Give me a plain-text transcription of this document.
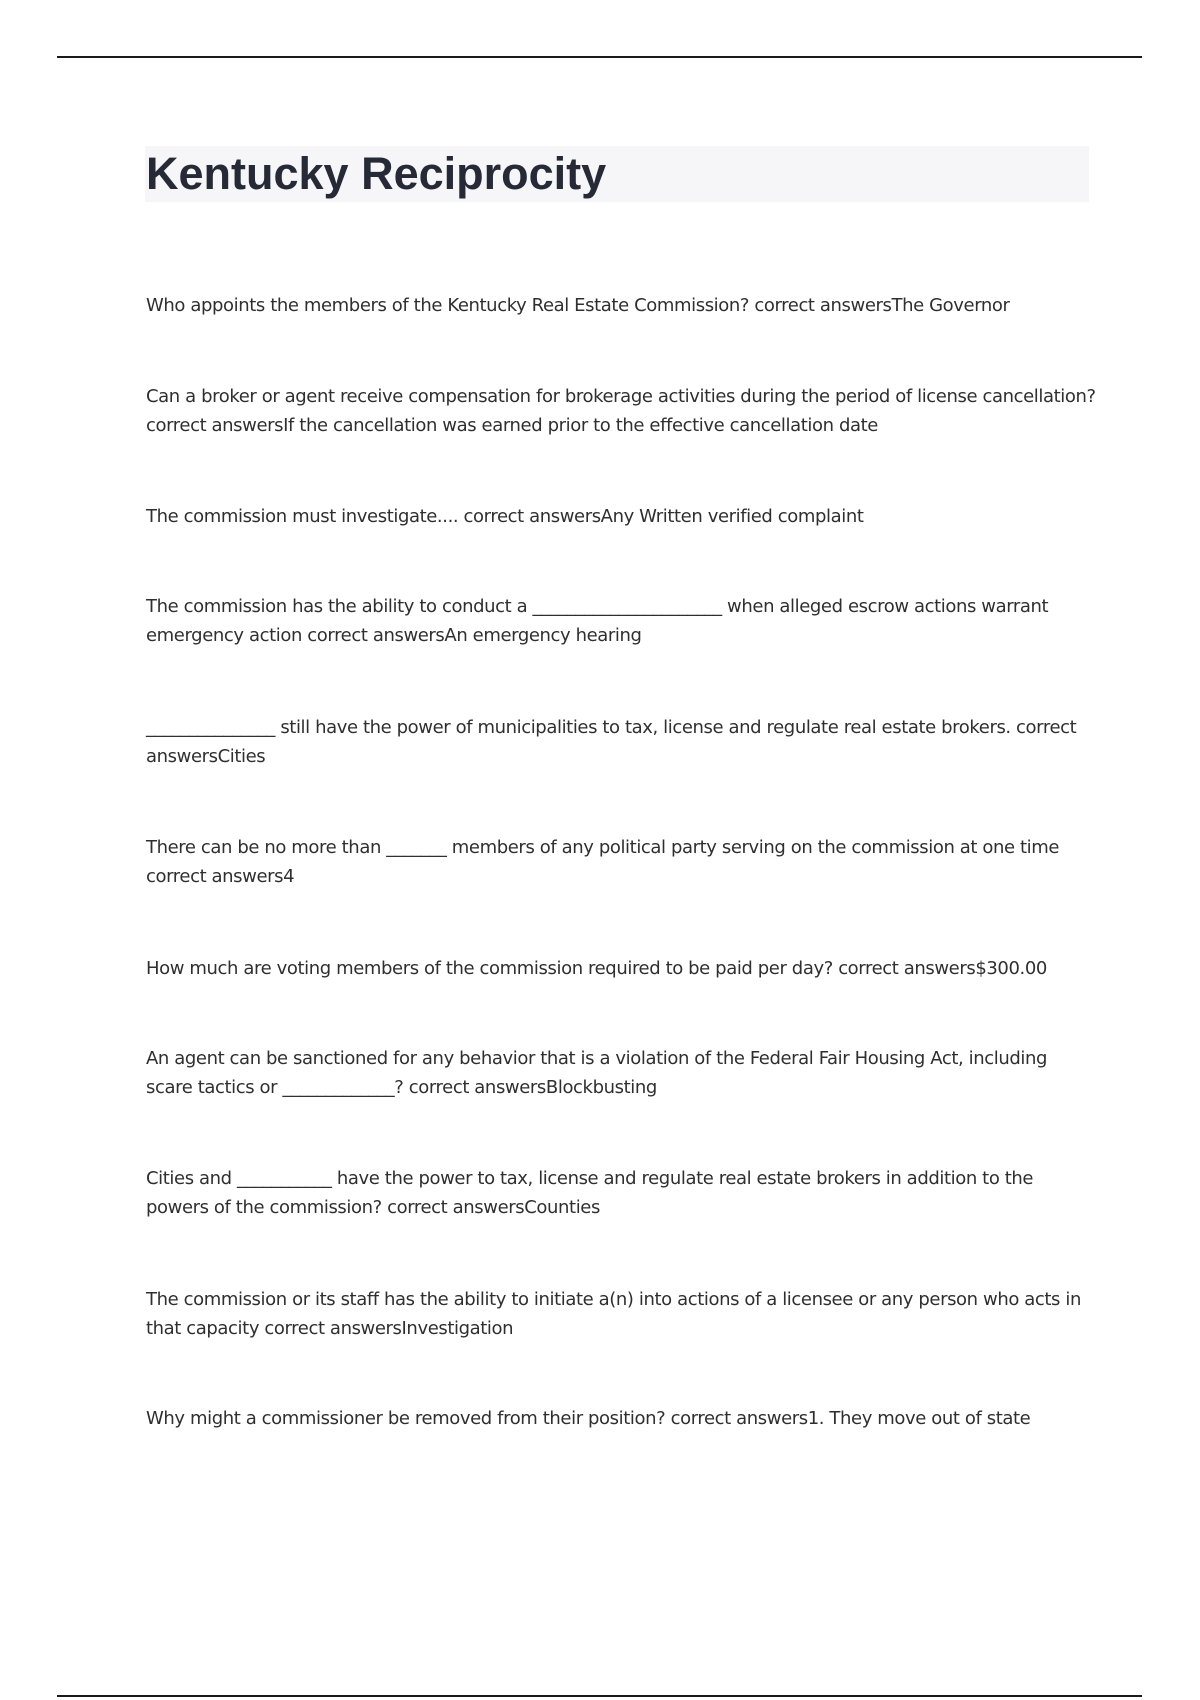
Kentucky Reciprocity

Who appoints the members of the Kentucky Real Estate Commission? correct answersThe Governor

Can a broker or agent receive compensation for brokerage activities during the period of license cancellation? correct answersIf the cancellation was earned prior to the effective cancellation date

The commission must investigate.... correct answersAny Written verified complaint

The commission has the ability to conduct a ______________________ when alleged escrow actions warrant emergency action correct answersAn emergency hearing

_______________ still have the power of municipalities to tax, license and regulate real estate brokers. correct answersCities

There can be no more than _______ members of any political party serving on the commission at one time correct answers4

How much are voting members of the commission required to be paid per day? correct answers$300.00

An agent can be sanctioned for any behavior that is a violation of the Federal Fair Housing Act, including scare tactics or _____________? correct answersBlockbusting

Cities and ___________ have the power to tax, license and regulate real estate brokers in addition to the powers of the commission? correct answersCounties

The commission or its staff has the ability to initiate a(n) into actions of a licensee or any person who acts in that capacity correct answersInvestigation

Why might a commissioner be removed from their position? correct answers1. They move out of state
